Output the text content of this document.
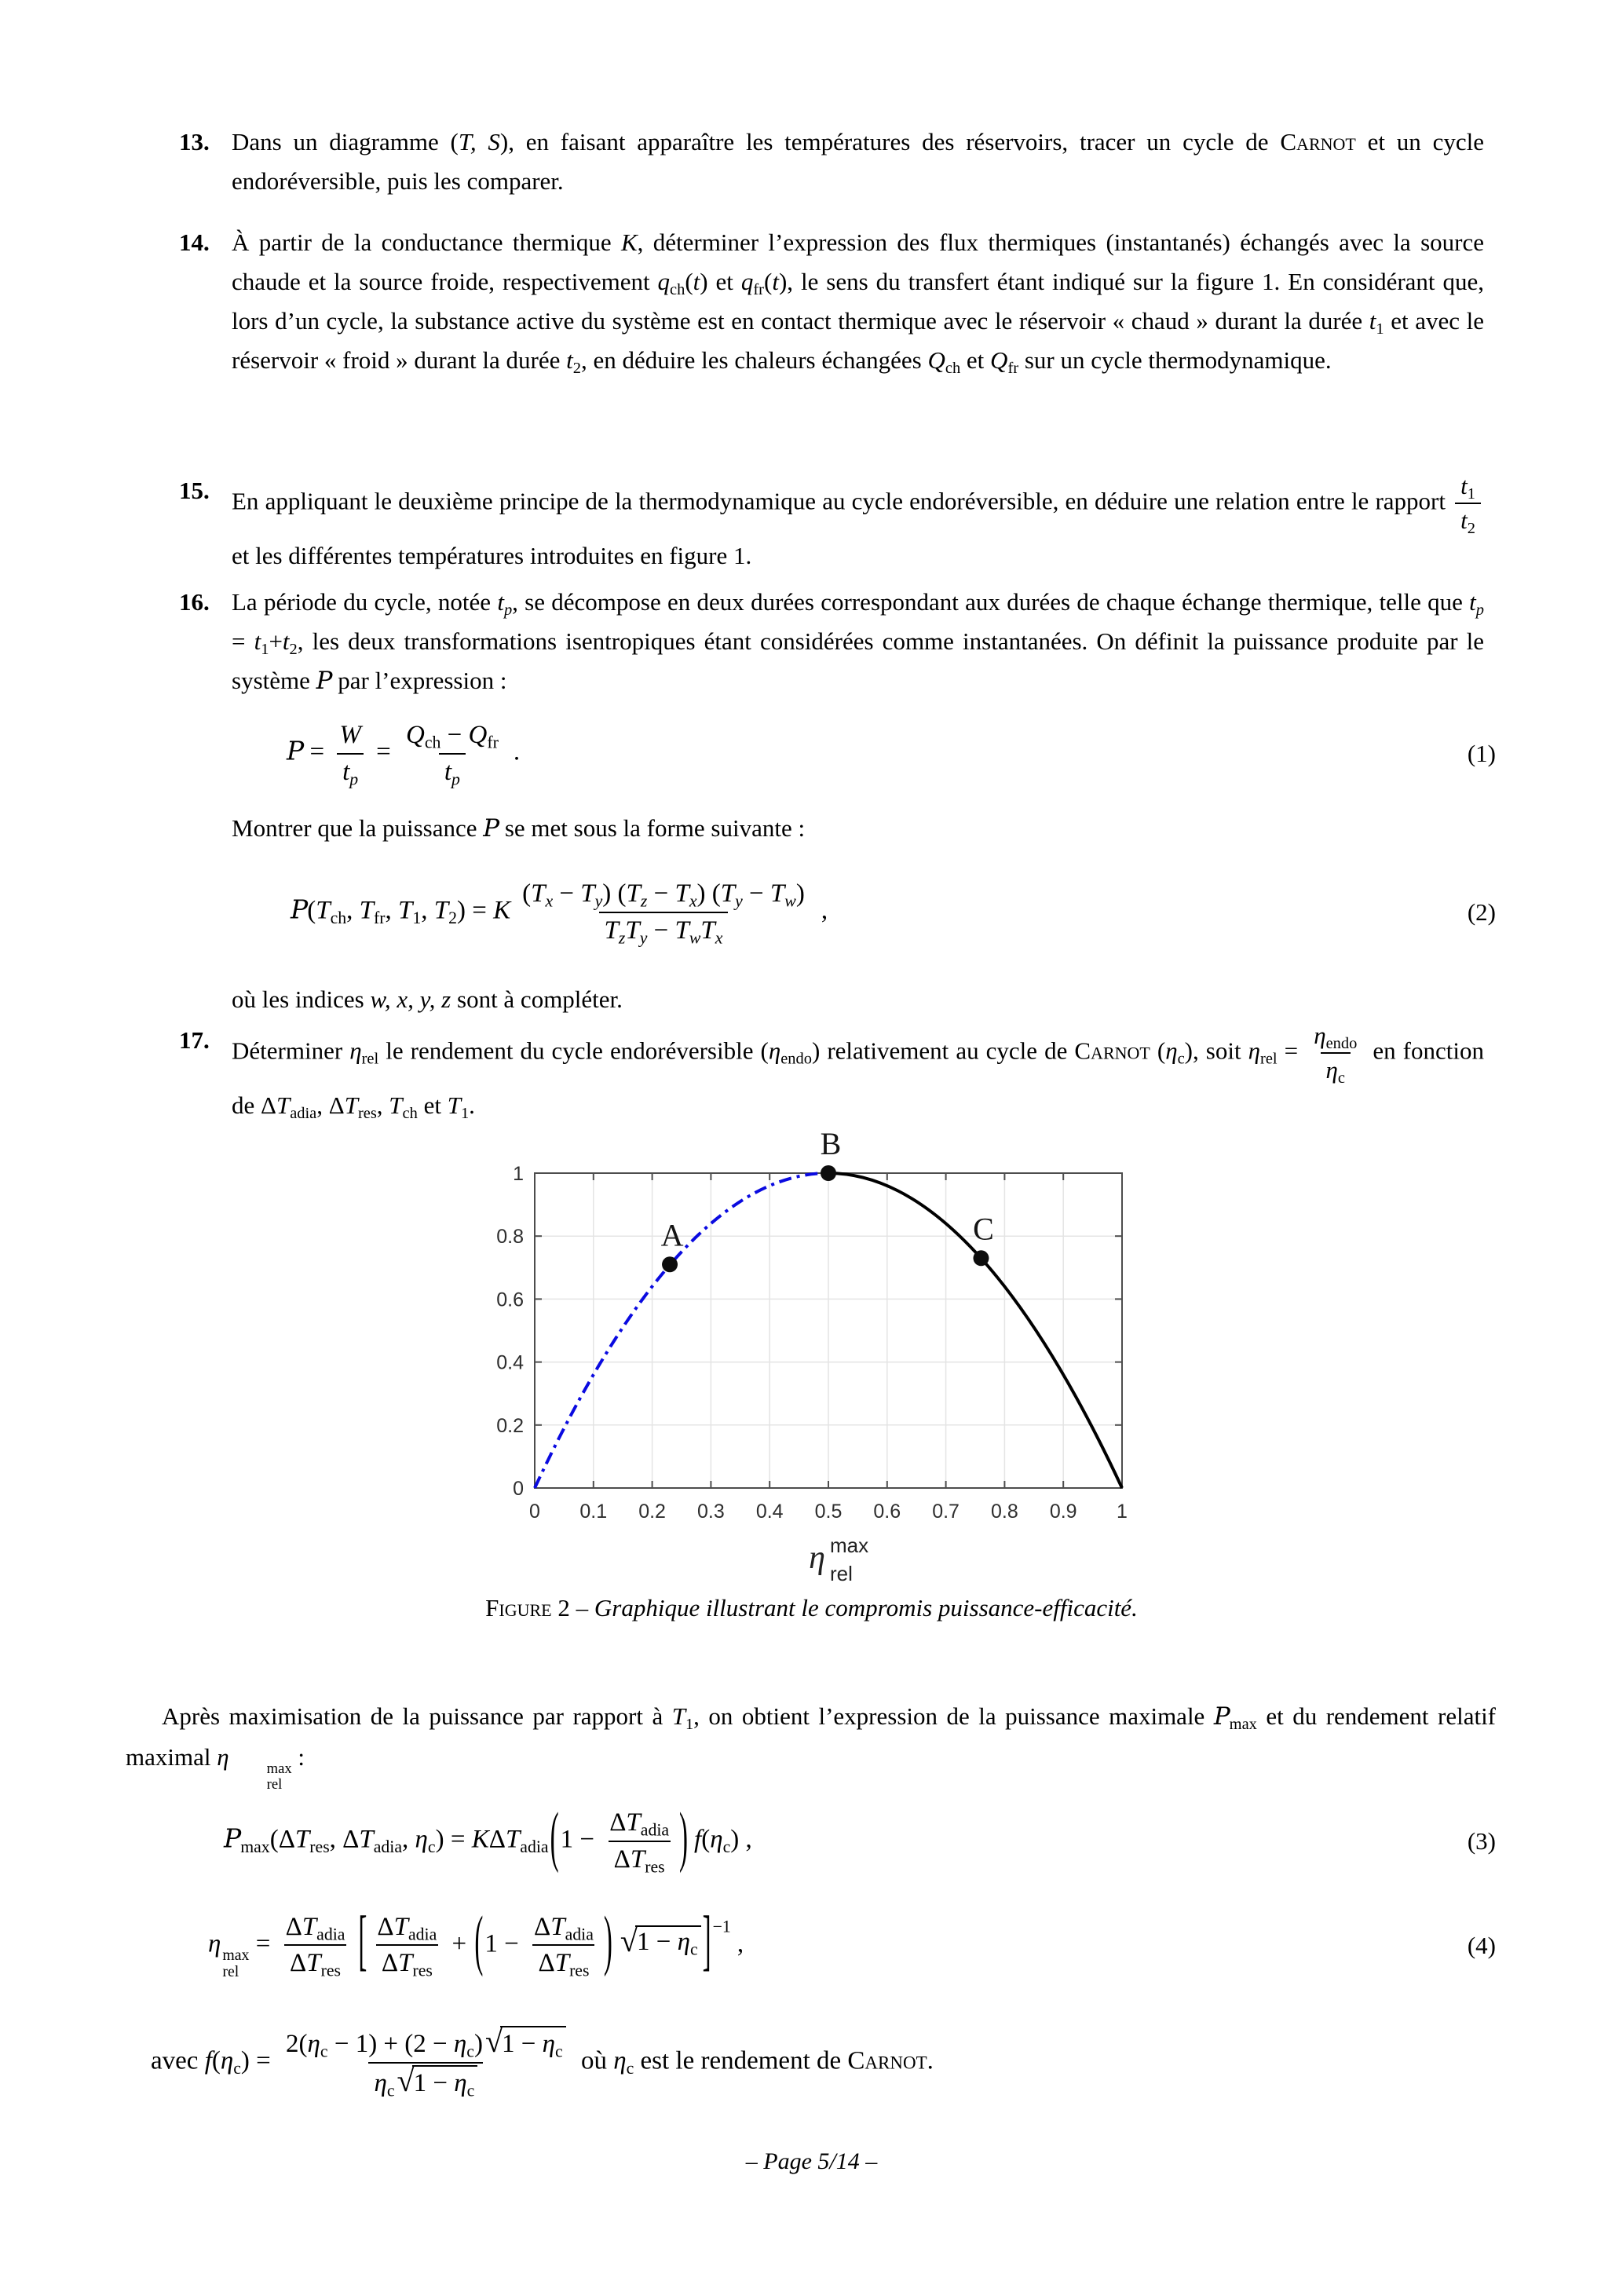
13. Dans un diagramme (T, S), en faisant apparaître les températures des réservoirs, tracer un cycle de Carnot et un cycle endoréversible, puis les comparer.
14. À partir de la conductance thermique K, déterminer l’expression des flux thermiques (instantanés) échangés avec la source chaude et la source froide, respectivement $q_{ch}(t)$ et $q_{fr}(t)$, le sens du transfert étant indiqué sur la figure 1. En considérant que, lors d’un cycle, la substance active du système est en contact thermique avec le réservoir « chaud » durant la durée $t_1$ et avec le réservoir « froid » durant la durée $t_2$, en déduire les chaleurs échangées $Q_{ch}$ et $Q_{fr}$ sur un cycle thermodynamique.
15. En appliquant le deuxième principe de la thermodynamique au cycle endoréversible, en déduire une relation entre le rapport $\frac{t_1}{t_2}$
et les différentes températures introduites en figure 1.
16. La période du cycle, notée $t_p$, se décompose en deux durées correspondant aux durées de chaque échange thermique, telle que $t_p = t_1+t_2$, les deux transformations isentropiques étant considérées comme instantanées. On définit la puissance produite par le système P par l’expression :
$P = \frac{W}{t_p} = \frac{Q_{ch} - Q_{fr}}{t_p}$ .	(1)
Montrer que la puissance P se met sous la forme suivante :
$P(T_{ch}$, $T_{fr}$, $T_1$, $T_2) = K \frac{(T_x - T_y) (T_z - T_x) (T_y - T_w)}{T_zT_y - T_wT_x}$ ,	(2)
où les indices w, x, y, z sont à compléter.
17. Déterminer $\eta_{rel}$ le rendement du cycle endoréversible $(\eta_{endo})$ relativement au cycle de Carnot $(\eta_c)$, soit $\eta_{rel} = \frac{\eta_{endo}}{\eta_c}$ en fonction de $\Delta T_{adia}$, $\Delta T_{res}$, $T_{ch}$ et $T_1$.
0 0.1 0.2 0.3 0.4 0.5 0.6 0.7 0.8 0.9 1
0
0.2
0.4
0.6
0.8
1
A
B
C
η max
rel
Figure 2 – Graphique illustrant le compromis puissance-efficacité.
Après maximisation de la puissance par rapport à $T_1$, on obtient l’expression de la puissance maximale $P_{max}$ et du rendement relatif maximal η	max
rel
:
$P_{max}(\Delta T_{res}$, $\Delta T_{adia}$, $\eta_c) = K\Delta T_{adia}(1 - \frac{\Delta T_{adia}}{\Delta T_{res}}$ ) $f(\eta_c)$ ,	(3)
η max
rel
= $\frac{\Delta T_{adia}}{\Delta T_{res}}$ [ $\frac{\Delta T_{adia}}{\Delta T_{res}} + (1 - \frac{\Delta T_{adia}}{\Delta T_{res}}$ ) √ $1 - \eta_c$ ]$^{-1}$,	(4)
avec $f(\eta_c) = \frac{2(\eta_c - 1) + (2 - \eta_c) √ 1 - \eta_c}{\eta_c √ 1 - \eta_c}$ où $\eta_c$ est le rendement de Carnot.
– Page 5/14 –
